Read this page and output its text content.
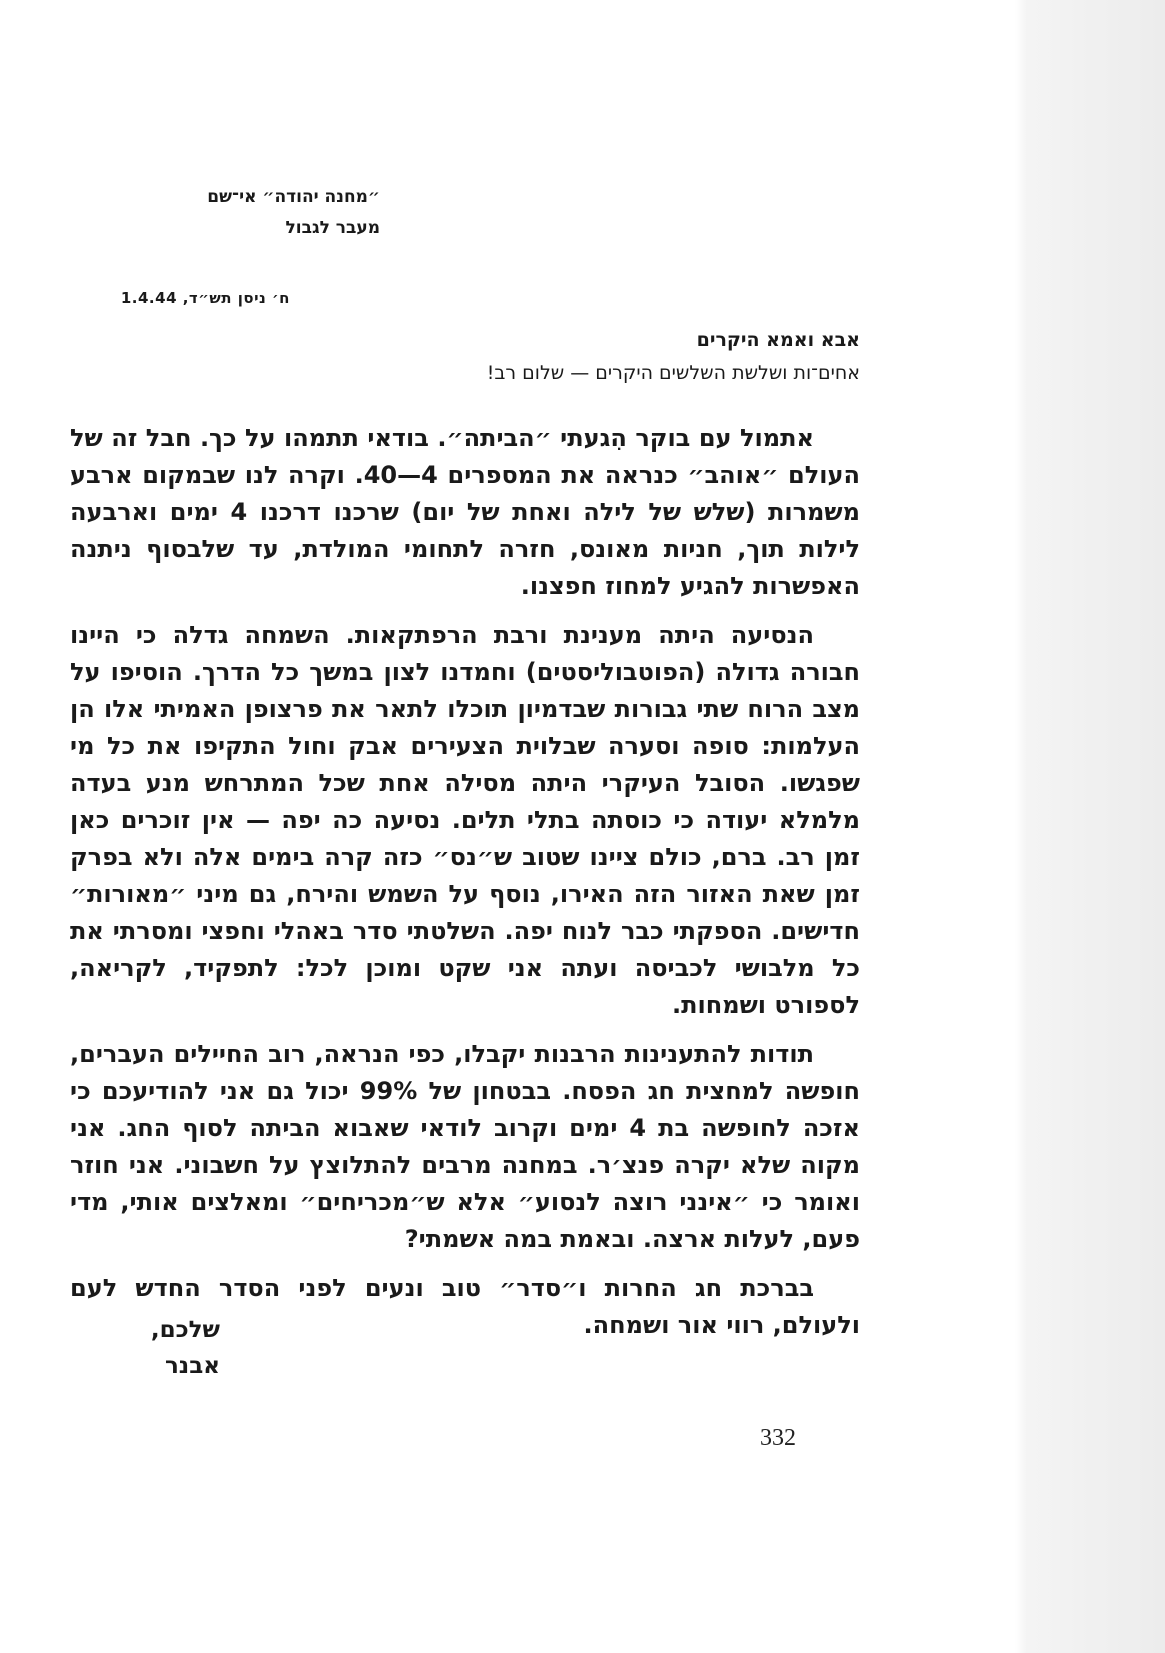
״מחנה יהודה״ אי־שם
מעבר לגבול
ח׳ ניסן תש״ד, 1.4.44
אבא ואמא היקרים
אחים־ות ושלשת השלשים היקרים — שלום רב!

אתמול עם בוקר הִגעתי ״הביתה״. בודאי תתמהו על כך. חבל זה של העולם ״אוהב״ כנראה את המספרים 4—40. וקרה לנו שבמקום ארבע משמרות (שלש של לילה ואחת של יום) שרכנו דרכנו 4 ימים וארבעה לילות תוך, חניות מאונס, חזרה לתחומי המולדת, עד שלבסוף ניתנה האפשרות להגיע למחוז חפצנו.

הנסיעה היתה מענינת ורבת הרפתקאות. השמחה גדלה כי היינו חבורה גדולה (הפוטבוליסטים) וחמדנו לצון במשך כל הדרך. הוסיפו על מצב הרוח שתי גבורות שבדמיון תוכלו לתאר את פרצופן האמיתי אלו הן העלמות: סופה וסערה שבלוית הצעירים אבק וחול התקיפו את כל מי שפגשו. הסובל העיקרי היתה מסילה אחת שכל המתרחש מנע בעדה מלמלא יעודה כי כוסתה בתלי תלים. נסיעה כה יפה — אין זוכרים כאן זמן רב. ברם, כולם ציינו שטוב ש״נס״ כזה קרה בימים אלה ולא בפרק זמן שאת האזור הזה האירו, נוסף על השמש והירח, גם מיני ״מאורות״ חדישים. הספקתי כבר לנוח יפה. השלטתי סדר באהלי וחפצי ומסרתי את כל מלבושי לכביסה ועתה אני שקט ומוכן לכל: לתפקיד, לקריאה, לספורט ושמחות.

תודות להתענינות הרבנות יקבלו, כפי הנראה, רוב החיילים העברים, חופשה למחצית חג הפסח. בבטחון של 99% יכול גם אני להודיעכם כי אזכה לחופשה בת 4 ימים וקרוב לודאי שאבוא הביתה לסוף החג. אני מקוה שלא יקרה פנצ׳ר. במחנה מרבים להתלוצץ על חשבוני. אני חוזר ואומר כי ״אינני רוצה לנסוע״ אלא ש״מכריחים״ ומאלצים אותי, מדי פעם, לעלות ארצה. ובאמת במה אשמתי?

בברכת חג החרות ו״סדר״ טוב ונעים לפני הסדר החדש לעם ולעולם, רווי אור ושמחה.

שלכם,
אבנר
332
